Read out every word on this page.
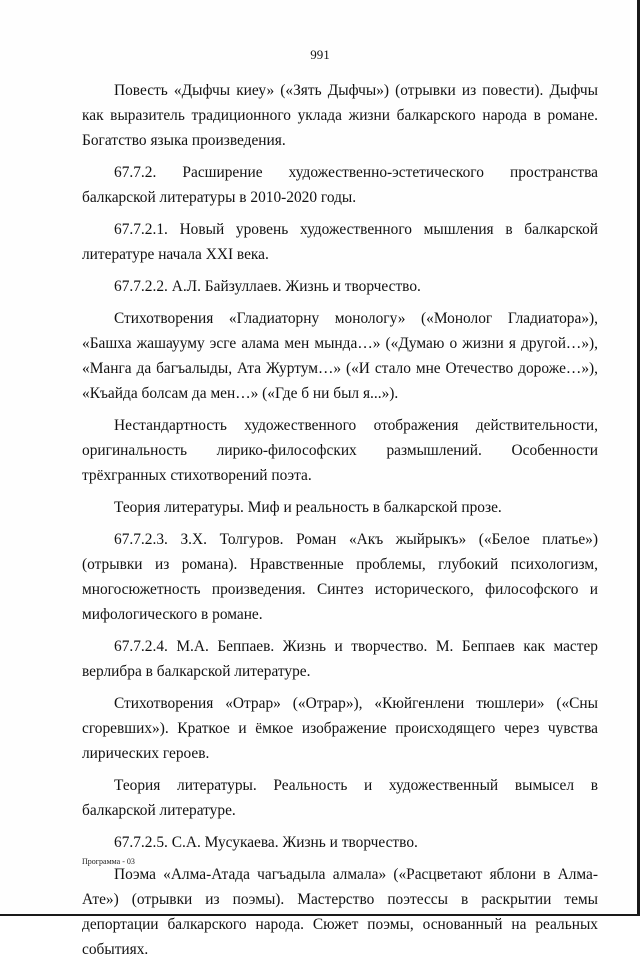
991

Повесть «Дыфчы киеу» («Зять Дыфчы») (отрывки из повести). Дыфчы как выразитель традиционного уклада жизни балкарского народа в романе. Богатство языка произведения.

67.7.2. Расширение художественно-эстетического пространства балкарской литературы в 2010-2020 годы.

67.7.2.1. Новый уровень художественного мышления в балкарской литературе начала XXI века.

67.7.2.2. А.Л. Байзуллаев. Жизнь и творчество.

Стихотворения «Гладиаторну монологу» («Монолог Гладиатора»), «Башха жашаууму эсге алама мен мында…» («Думаю о жизни я другой…»), «Манга да багъалыды, Ата Журтум…» («И стало мне Отечество дороже…»), «Къайда болсам да мен…» («Где б ни был я...»).

Нестандартность художественного отображения действительности, оригинальность лирико-философских размышлений. Особенности трёхгранных стихотворений поэта.

Теория литературы. Миф и реальность в балкарской прозе.

67.7.2.3. З.Х. Толгуров. Роман «Акъ жыйрыкъ» («Белое платье») (отрывки из романа). Нравственные проблемы, глубокий психологизм, многосюжетность произведения. Синтез исторического, философского и мифологического в романе.

67.7.2.4. М.А. Беппаев. Жизнь и творчество. М. Беппаев как мастер верлибра в балкарской литературе.

Стихотворения «Отрар» («Отрар»), «Кюйгенлени тюшлери» («Сны сгоревших»). Краткое и ёмкое изображение происходящего через чувства лирических героев.

Теория литературы. Реальность и художественный вымысел в балкарской литературе.

67.7.2.5. С.А. Мусукаева. Жизнь и творчество.

Поэма «Алма-Атада чагъадыла алмала» («Расцветают яблони в Алма-Ате») (отрывки из поэмы). Мастерство поэтессы в раскрытии темы депортации балкарского народа. Сюжет поэмы, основанный на реальных событиях.

Программа - 03
